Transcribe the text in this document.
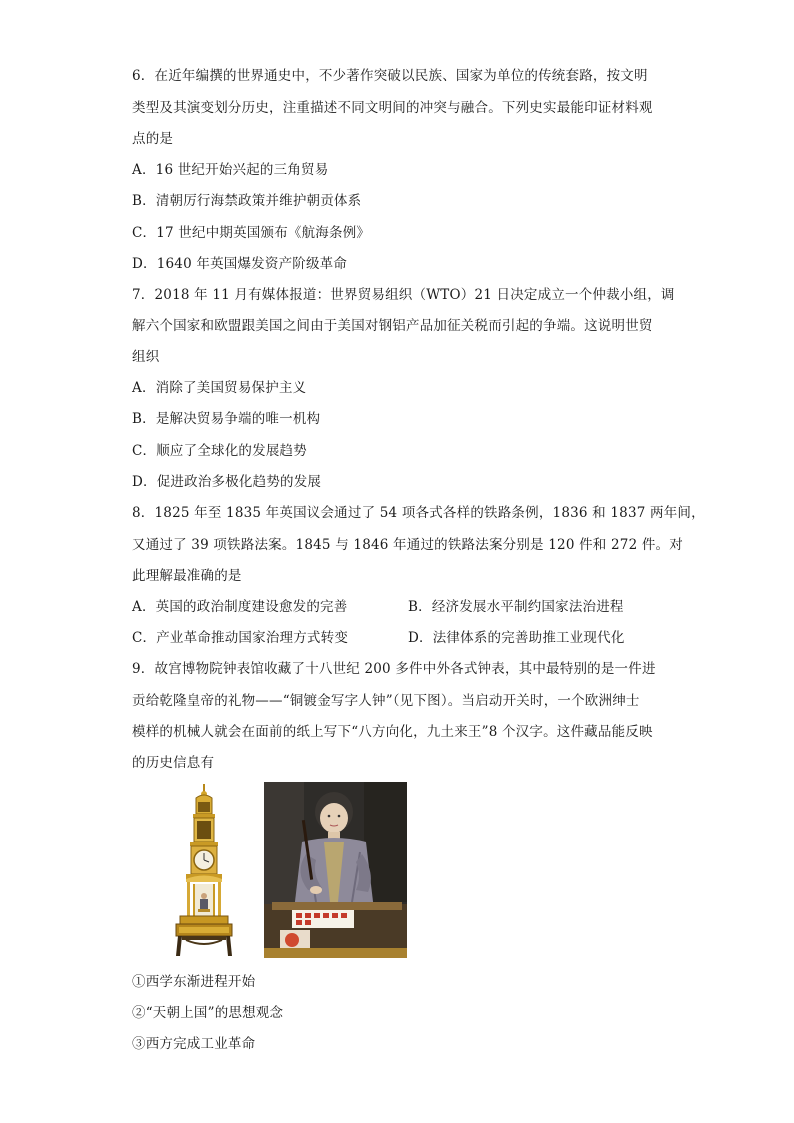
6．在近年编撰的世界通史中，不少著作突破以民族、国家为单位的传统套路，按文明
类型及其演变划分历史，注重描述不同文明间的冲突与融合。下列史实最能印证材料观
点的是
A．16 世纪开始兴起的三角贸易
B．清朝厉行海禁政策并维护朝贡体系
C．17 世纪中期英国颁布《航海条例》
D．1640 年英国爆发资产阶级革命
7．2018 年 11 月有媒体报道：世界贸易组织（WTO）21 日决定成立一个仲裁小组，调
解六个国家和欧盟跟美国之间由于美国对钢铝产品加征关税而引起的争端。这说明世贸
组织
A．消除了美国贸易保护主义
B．是解决贸易争端的唯一机构
C．顺应了全球化的发展趋势
D．促进政治多极化趋势的发展
8．1825 年至 1835 年英国议会通过了 54 项各式各样的铁路条例，1836 和 1837 两年间，
又通过了 39 项铁路法案。1845 与 1846 年通过的铁路法案分别是 120 件和 272 件。对
此理解最准确的是
A．英国的政治制度建设愈发的完善	B．经济发展水平制约国家法治进程
C．产业革命推动国家治理方式转变	D．法律体系的完善助推工业现代化
9．故宫博物院钟表馆收藏了十八世纪 200 多件中外各式钟表，其中最特别的是一件进
贡给乾隆皇帝的礼物——“铜镀金写字人钟”（见下图）。当启动开关时，一个欧洲绅士
模样的机械人就会在面前的纸上写下“八方向化，九土来王”8 个汉字。这件藏品能反映
的历史信息有
①西学东渐进程开始
②“天朝上国”的思想观念
③西方完成工业革命
